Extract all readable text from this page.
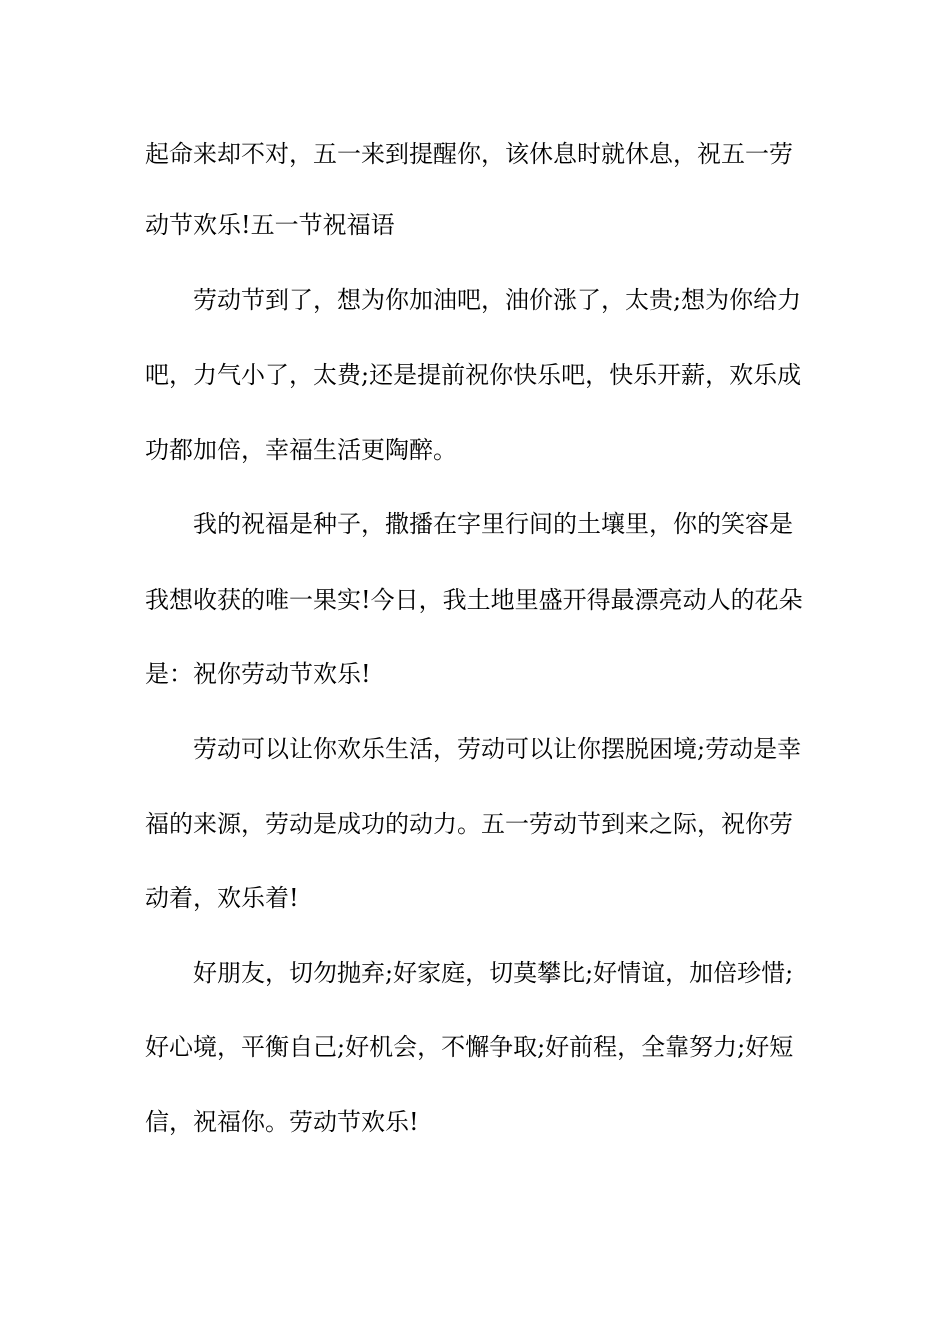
起命来却不对，五一来到提醒你，该休息时就休息，祝五一劳
动节欢乐!五一节祝福语
劳动节到了，想为你加油吧，油价涨了，太贵;想为你给力
吧，力气小了，太费;还是提前祝你快乐吧，快乐开薪，欢乐成
功都加倍，幸福生活更陶醉。
我的祝福是种子，撒播在字里行间的土壤里，你的笑容是
我想收获的唯一果实!今日，我土地里盛开得最漂亮动人的花朵
是：祝你劳动节欢乐!
劳动可以让你欢乐生活，劳动可以让你摆脱困境;劳动是幸
福的来源，劳动是成功的动力。五一劳动节到来之际，祝你劳
动着，欢乐着!
好朋友，切勿抛弃;好家庭，切莫攀比;好情谊，加倍珍惜;
好心境，平衡自己;好机会，不懈争取;好前程，全靠努力;好短
信，祝福你。劳动节欢乐!
